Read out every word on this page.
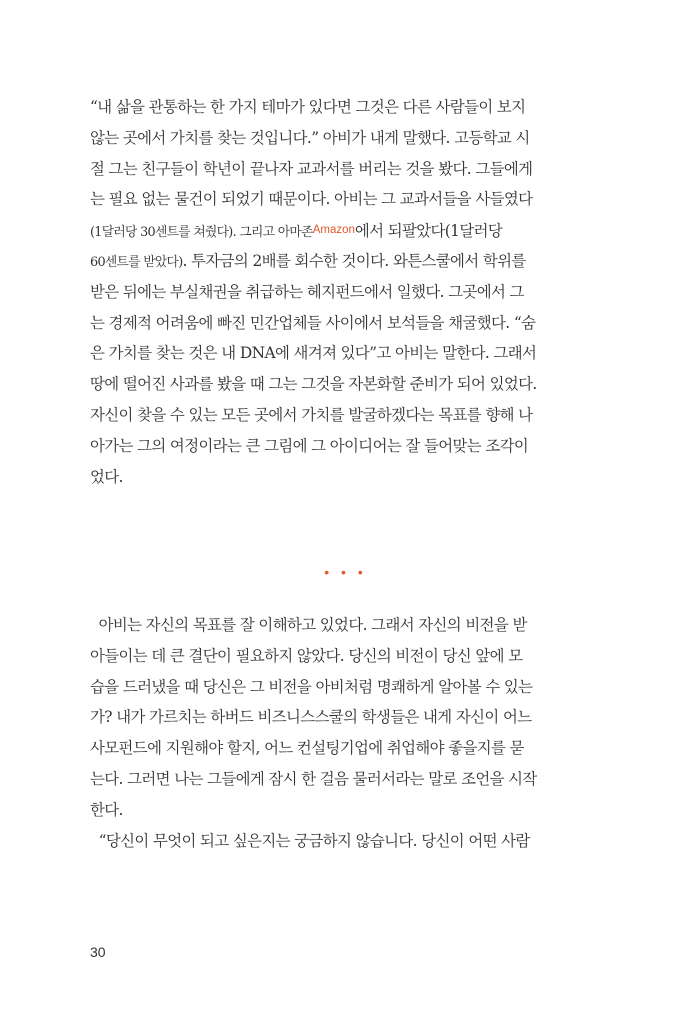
“내 삶을 관통하는 한 가지 테마가 있다면 그것은 다른 사람들이 보지
않는 곳에서 가치를 찾는 것입니다.” 아비가 내게 말했다. 고등학교 시
절 그는 친구들이 학년이 끝나자 교과서를 버리는 것을 봤다. 그들에게
는 필요 없는 물건이 되었기 때문이다. 아비는 그 교과서들을 사들였다
(1달러당 30센트를 쳐줬다). 그리고 아마존Amazon에서 되팔았다(1달러당
60센트를 받았다). 투자금의 2배를 회수한 것이다. 와튼스쿨에서 학위를
받은 뒤에는 부실채권을 취급하는 헤지펀드에서 일했다. 그곳에서 그
는 경제적 어려움에 빠진 민간업체들 사이에서 보석들을 채굴했다. “숨
은 가치를 찾는 것은 내 DNA에 새겨져 있다”고 아비는 말한다. 그래서
땅에 떨어진 사과를 봤을 때 그는 그것을 자본화할 준비가 되어 있었다.
자신이 찾을 수 있는 모든 곳에서 가치를 발굴하겠다는 목표를 향해 나
아가는 그의 여정이라는 큰 그림에 그 아이디어는 잘 들어맞는 조각이
었다.
• • •
아비는 자신의 목표를 잘 이해하고 있었다. 그래서 자신의 비전을 받
아들이는 데 큰 결단이 필요하지 않았다. 당신의 비전이 당신 앞에 모
습을 드러냈을 때 당신은 그 비전을 아비처럼 명쾌하게 알아볼 수 있는
가? 내가 가르치는 하버드 비즈니스스쿨의 학생들은 내게 자신이 어느
사모펀드에 지원해야 할지, 어느 컨설팅기업에 취업해야 좋을지를 묻
는다. 그러면 나는 그들에게 잠시 한 걸음 물러서라는 말로 조언을 시작
한다.
“당신이 무엇이 되고 싶은지는 궁금하지 않습니다. 당신이 어떤 사람
30
